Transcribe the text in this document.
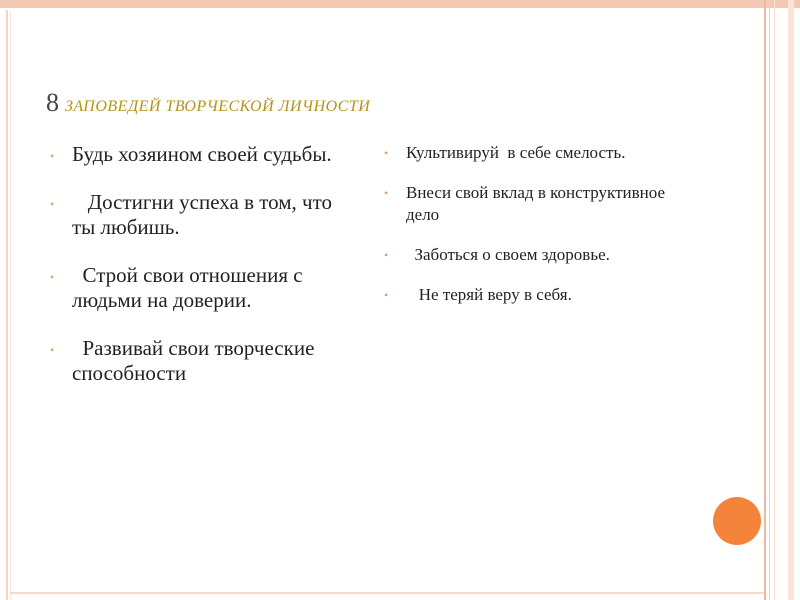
8 ЗАПОВЕДЕЙ ТВОРЧЕСКОЙ ЛИЧНОСТИ
• Будь хозяином своей судьбы.
• Достигни успеха в том, что ты любишь.
• Строй свои отношения с людьми на доверии.
• Развивай свои творческие способности
• Культивируй  в себе смелость.
• Внеси свой вклад в конструктивное дело
• Заботься о своем здоровье.
• Не теряй веру в себя.
